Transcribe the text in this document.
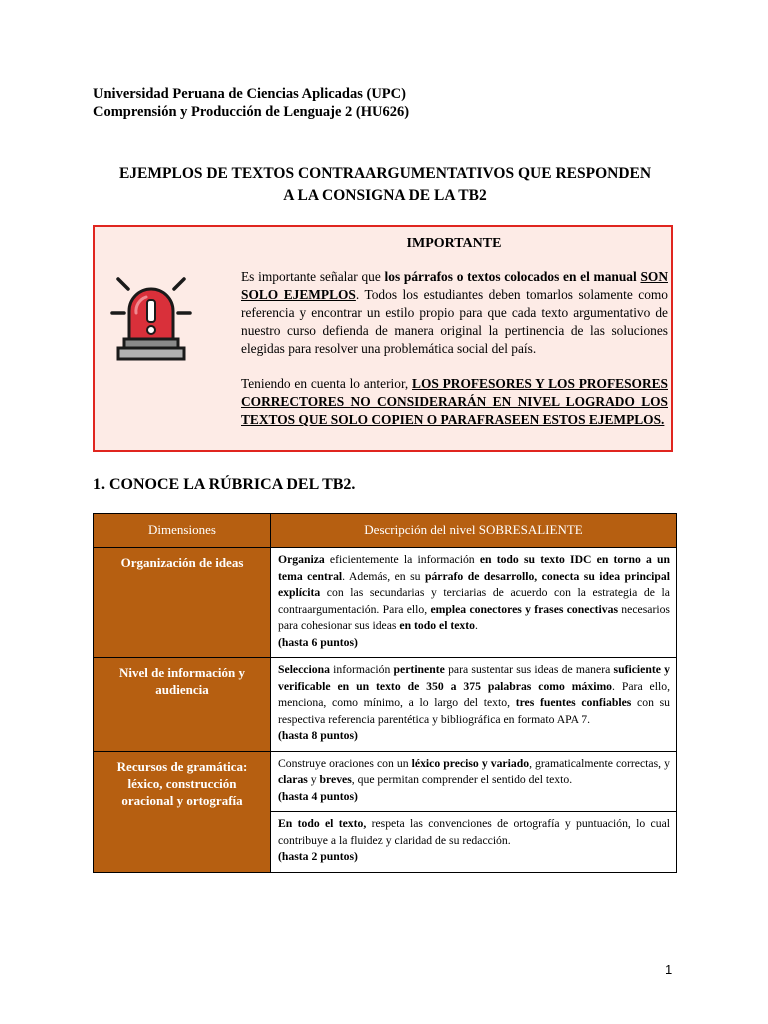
Universidad Peruana de Ciencias Aplicadas (UPC)
Comprensión y Producción de Lenguaje 2 (HU626)
EJEMPLOS DE TEXTOS CONTRAARGUMENTATIVOS QUE RESPONDEN
A LA CONSIGNA DE LA TB2
IMPORTANTE

Es importante señalar que los párrafos o textos colocados en el manual SON SOLO EJEMPLOS. Todos los estudiantes deben tomarlos solamente como referencia y encontrar un estilo propio para que cada texto argumentativo de nuestro curso defienda de manera original la pertinencia de las soluciones elegidas para resolver una problemática social del país.

Teniendo en cuenta lo anterior, LOS PROFESORES Y LOS PROFESORES CORRECTORES NO CONSIDERARÁN EN NIVEL LOGRADO LOS TEXTOS QUE SOLO COPIEN O PARAFRASEEN ESTOS EJEMPLOS.

1. CONOCE LA RÚBRICA DEL TB2.
Dimensiones	Descripción del nivel SOBRESALIENTE
Organización de ideas	Organiza eficientemente la información en todo su texto IDC en torno a un tema central. Además, en su párrafo de desarrollo, conecta su idea principal explícita con las secundarias y terciarias de acuerdo con la estrategia de la contraargumentación. Para ello, emplea conectores y frases conectivas necesarios para cohesionar sus ideas en todo el texto.
(hasta 6 puntos)
Nivel de información y audiencia	Selecciona información pertinente para sustentar sus ideas de manera suficiente y verificable en un texto de 350 a 375 palabras como máximo. Para ello, menciona, como mínimo, a lo largo del texto, tres fuentes confiables con su respectiva referencia parentética y bibliográfica en formato APA 7.
(hasta 8 puntos)
Recursos de gramática: léxico, construcción oracional y ortografía	Construye oraciones con un léxico preciso y variado, gramaticalmente correctas, y claras y breves, que permitan comprender el sentido del texto.
(hasta 4 puntos)
	En todo el texto, respeta las convenciones de ortografía y puntuación, lo cual contribuye a la fluidez y claridad de su redacción.
(hasta 2 puntos)
1
